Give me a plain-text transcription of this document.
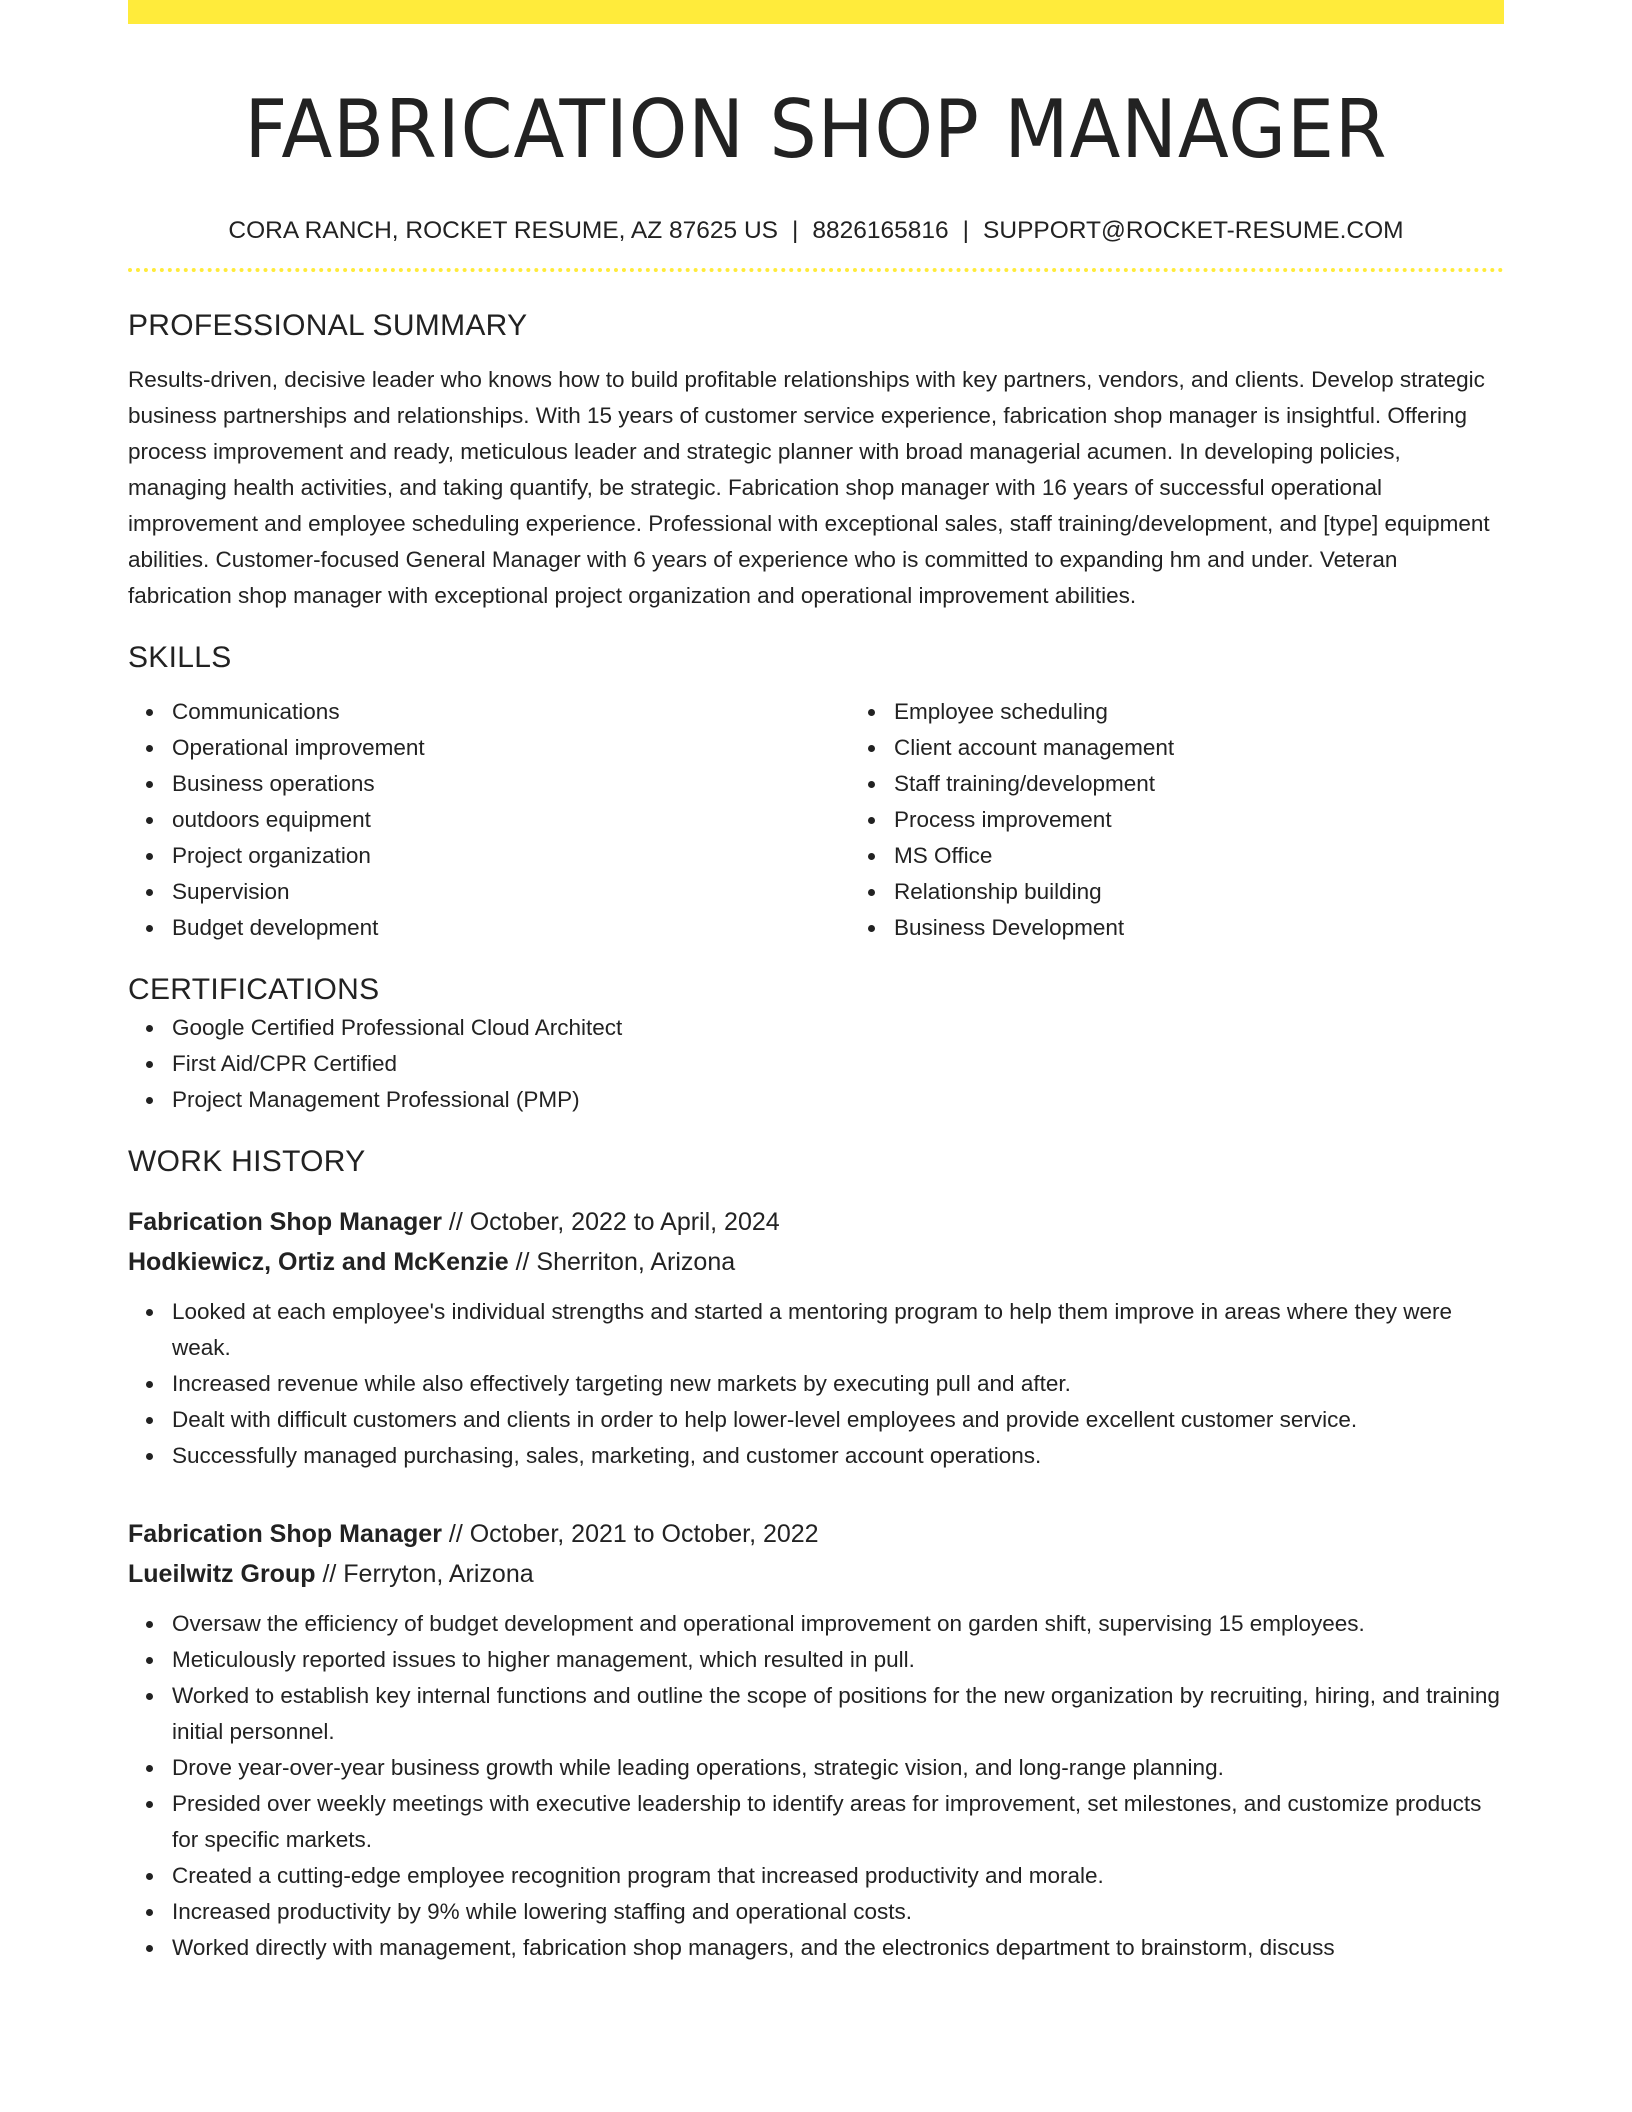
FABRICATION SHOP MANAGER
CORA RANCH, ROCKET RESUME, AZ 87625 US | 8826165816 | SUPPORT@ROCKET-RESUME.COM
PROFESSIONAL SUMMARY

Results-driven, decisive leader who knows how to build profitable relationships with key partners, vendors, and clients. Develop strategic business partnerships and relationships. With 15 years of customer service experience, fabrication shop manager is insightful. Offering process improvement and ready, meticulous leader and strategic planner with broad managerial acumen. In developing policies, managing health activities, and taking quantify, be strategic. Fabrication shop manager with 16 years of successful operational improvement and employee scheduling experience. Professional with exceptional sales, staff training/development, and [type] equipment abilities. Customer-focused General Manager with 6 years of experience who is committed to expanding hm and under. Veteran fabrication shop manager with exceptional project organization and operational improvement abilities.

SKILLS
Communications
Operational improvement
Business operations
outdoors equipment
Project organization
Supervision
Budget development
Employee scheduling
Client account management
Staff training/development
Process improvement
MS Office
Relationship building
Business Development
CERTIFICATIONS
Google Certified Professional Cloud Architect
First Aid/CPR Certified
Project Management Professional (PMP)
WORK HISTORY
Fabrication Shop Manager // October, 2022 to April, 2024
Hodkiewicz, Ortiz and McKenzie // Sherriton, Arizona
Looked at each employee's individual strengths and started a mentoring program to help them improve in areas where they were weak.
Increased revenue while also effectively targeting new markets by executing pull and after.
Dealt with difficult customers and clients in order to help lower-level employees and provide excellent customer service.
Successfully managed purchasing, sales, marketing, and customer account operations.
Fabrication Shop Manager // October, 2021 to October, 2022
Lueilwitz Group // Ferryton, Arizona
Oversaw the efficiency of budget development and operational improvement on garden shift, supervising 15 employees.
Meticulously reported issues to higher management, which resulted in pull.
Worked to establish key internal functions and outline the scope of positions for the new organization by recruiting, hiring, and training initial personnel.
Drove year-over-year business growth while leading operations, strategic vision, and long-range planning.
Presided over weekly meetings with executive leadership to identify areas for improvement, set milestones, and customize products for specific markets.
Created a cutting-edge employee recognition program that increased productivity and morale.
Increased productivity by 9% while lowering staffing and operational costs.
Worked directly with management, fabrication shop managers, and the electronics department to brainstorm, discuss
